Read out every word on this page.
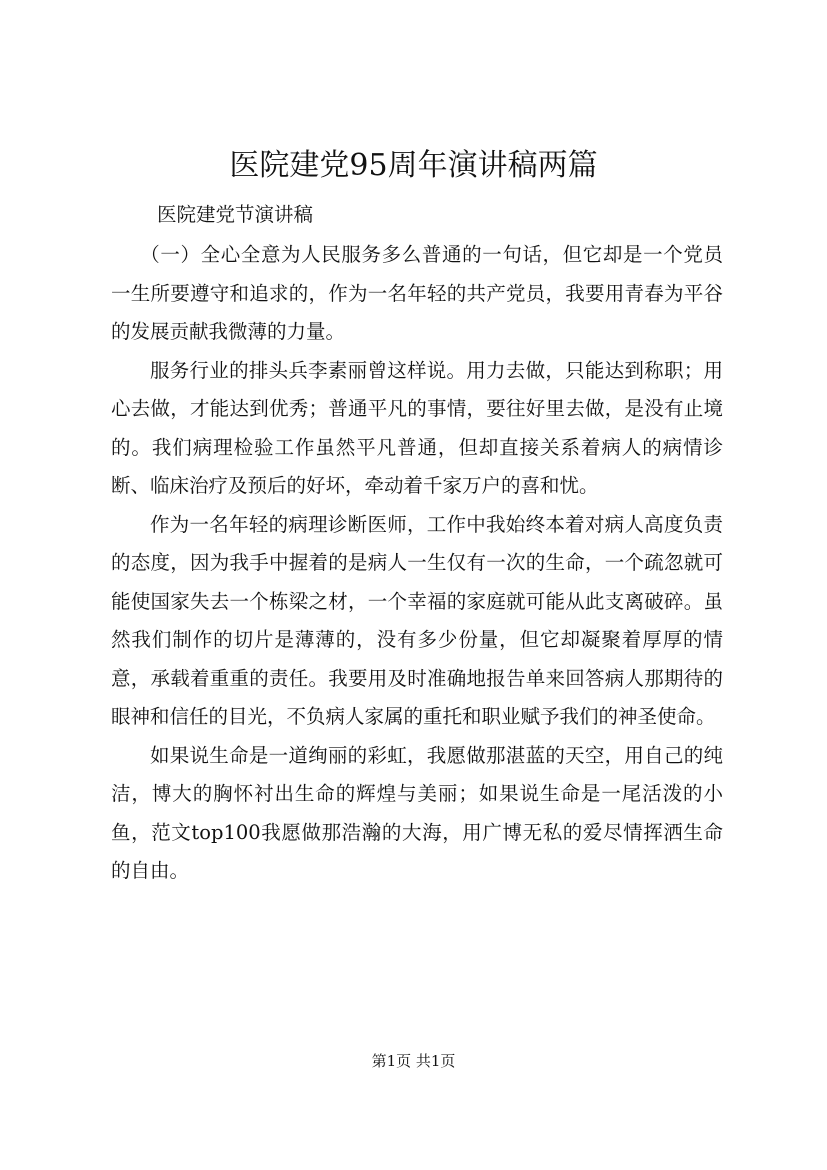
医院建党95周年演讲稿两篇
医院建党节演讲稿

（一）全心全意为人民服务多么普通的一句话，但它却是一个党员一生所要遵守和追求的，作为一名年轻的共产党员，我要用青春为平谷的发展贡献我微薄的力量。

服务行业的排头兵李素丽曾这样说。用力去做，只能达到称职；用心去做，才能达到优秀；普通平凡的事情，要往好里去做，是没有止境的。我们病理检验工作虽然平凡普通，但却直接关系着病人的病情诊断、临床治疗及预后的好坏，牵动着千家万户的喜和忧。

作为一名年轻的病理诊断医师，工作中我始终本着对病人高度负责的态度，因为我手中握着的是病人一生仅有一次的生命，一个疏忽就可能使国家失去一个栋梁之材，一个幸福的家庭就可能从此支离破碎。虽然我们制作的切片是薄薄的，没有多少份量，但它却凝聚着厚厚的情意，承载着重重的责任。我要用及时准确地报告单来回答病人那期待的眼神和信任的目光，不负病人家属的重托和职业赋予我们的神圣使命。

如果说生命是一道绚丽的彩虹，我愿做那湛蓝的天空，用自己的纯洁，博大的胸怀衬出生命的辉煌与美丽；如果说生命是一尾活泼的小鱼，范文top100我愿做那浩瀚的大海，用广博无私的爱尽情挥洒生命的自由。

第1页 共1页
